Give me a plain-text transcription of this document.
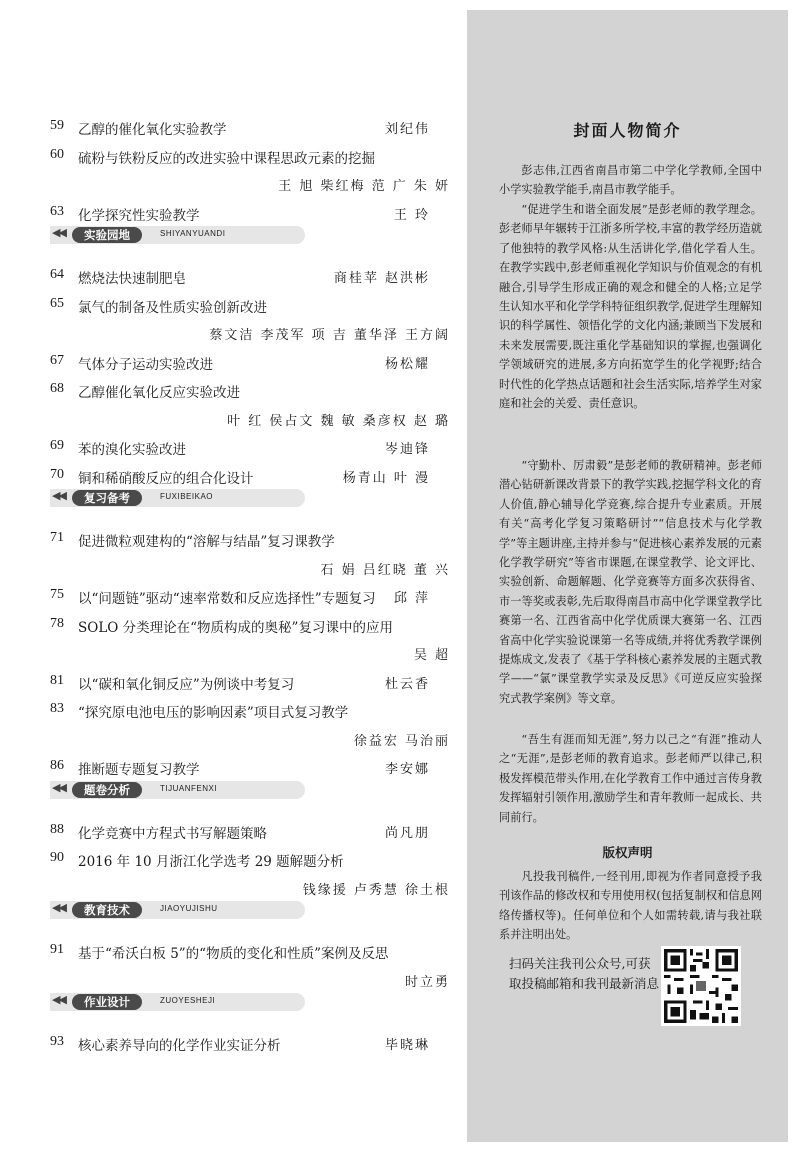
59 乙醇的催化氧化实验教学	刘纪伟
60 硫粉与铁粉反应的改进实验中课程思政元素的挖掘
王 旭 柴红梅 范 广 朱 妍
63 化学探究性实验教学	王 玲
◀◀	实验园地	SHIYANYUANDI
64 燃烧法快速制肥皂	商桂苹 赵洪彬
65 氯气的制备及性质实验创新改进
蔡文洁 李茂军 项 吉 董华泽 王方阔
67 气体分子运动实验改进	杨松耀
68 乙醇催化氧化反应实验改进
叶 红 侯占文 魏 敏 桑彦权 赵 璐
69 苯的溴化实验改进	岑迪锋
70 铜和稀硝酸反应的组合化设计	杨青山 叶 漫
◀◀	复习备考	FUXIBEIKAO
71 促进微粒观建构的“溶解与结晶”复习课教学
石 娟 吕红晓 董 兴
75 以“问题链”驱动“速率常数和反应选择性”专题复习 邱 萍
78 SOLO 分类理论在“物质构成的奥秘”复习课中的应用
吴 超
81 以“碳和氧化铜反应”为例谈中考复习	杜云香
83 “探究原电池电压的影响因素”项目式复习教学
徐益宏 马治丽
86 推断题专题复习教学	李安娜
◀◀	题卷分析	TIJUANFENXI
88 化学竞赛中方程式书写解题策略	尚凡朋
90 2016 年 10 月浙江化学选考 29 题解题分析
钱缘援 卢秀慧 徐土根
◀◀	教育技术	JIAOYUJISHU
91 基于“希沃白板 5”的“物质的变化和性质”案例及反思
时立勇
◀◀	作业设计	ZUOYESHEJI
93 核心素养导向的化学作业实证分析	毕晓琳
封面人物简介
彭志伟,江西省南昌市第二中学化学教师,全国中小学实验教学能手,南昌市教学能手。
“促进学生和谐全面发展”是彭老师的教学理念。彭老师早年辗转于江浙多所学校,丰富的教学经历造就了他独特的教学风格:从生活讲化学,借化学看人生。在教学实践中,彭老师重视化学知识与价值观念的有机融合,引导学生形成正确的观念和健全的人格;立足学生认知水平和化学学科特征组织教学,促进学生理解知识的科学属性、领悟化学的文化内涵;兼顾当下发展和未来发展需要,既注重化学基础知识的掌握,也强调化学领域研究的进展,多方向拓宽学生的化学视野;结合时代性的化学热点话题和社会生活实际,培养学生对家庭和社会的关爱、责任意识。
“守勤朴、厉肃毅”是彭老师的教研精神。彭老师潜心钻研新课改背景下的教学实践,挖掘学科文化的育人价值,静心辅导化学竞赛,综合提升专业素质。开展有关“高考化学复习策略研讨”“信息技术与化学教学”等主题讲座,主持并参与“促进核心素养发展的元素化学教学研究”等省市课题,在课堂教学、论文评比、实验创新、命题解题、化学竞赛等方面多次获得省、市一等奖或表彰,先后取得南昌市高中化学课堂教学比赛第一名、江西省高中化学优质课大赛第一名、江西省高中化学实验说课第一名等成绩,并将优秀教学课例提炼成文,发表了《基于学科核心素养发展的主题式教学——“氯”课堂教学实录及反思》《可逆反应实验探究式教学案例》等文章。
“吾生有涯而知无涯”,努力以己之“有涯”推动人之“无涯”,是彭老师的教育追求。彭老师严以律己,积极发挥模范带头作用,在化学教育工作中通过言传身教发挥辐射引领作用,激励学生和青年教师一起成长、共同前行。
版权声明
凡投我刊稿件,一经刊用,即视为作者同意授予我刊该作品的修改权和专用使用权(包括复制权和信息网络传播权等)。任何单位和个人如需转载,请与我社联系并注明出处。
扫码关注我刊公众号,可获取投稿邮箱和我刊最新消息
